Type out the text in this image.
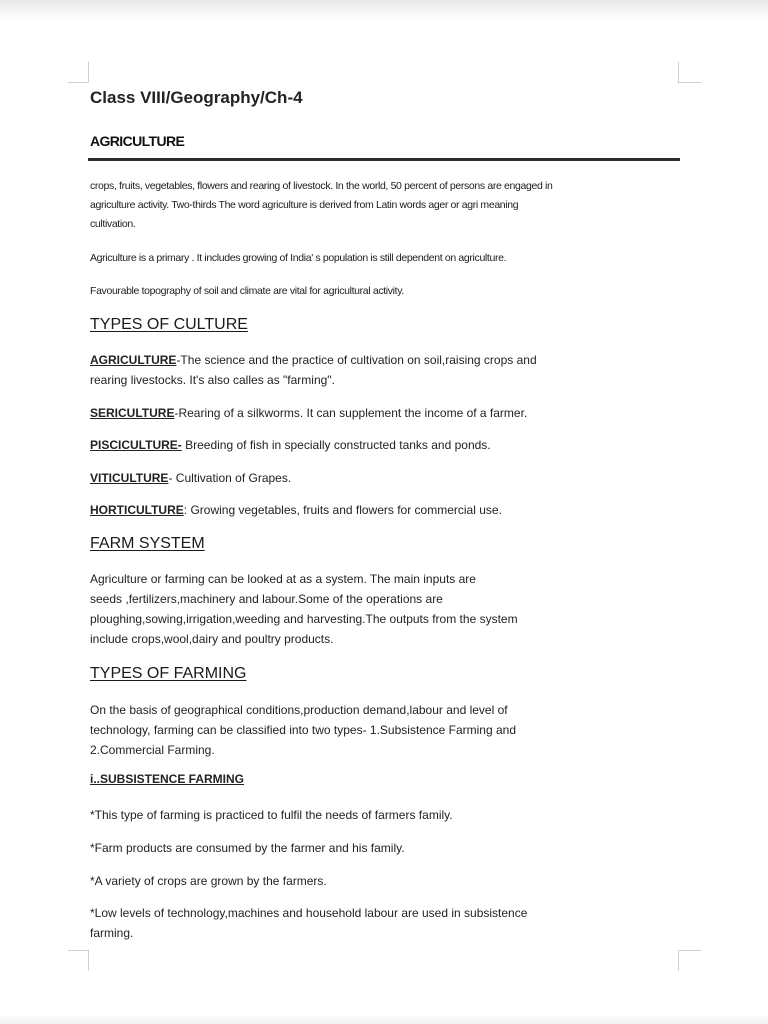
Class VIII/Geography/Ch-4
AGRICULTURE
crops, fruits, vegetables, flowers and rearing of livestock. In the world, 50 percent of persons are engaged in
agriculture activity. Two-thirds The word agriculture is derived from Latin words ager or agri meaning
cultivation.
Agriculture is a primary . It includes growing of India' s population is still dependent on agriculture.
Favourable topography of soil and climate are vital for agricultural activity.
TYPES OF CULTURE
AGRICULTURE-The science and the practice of cultivation on soil,raising crops and
rearing livestocks. It's also calles as "farming".
SERICULTURE-Rearing of a silkworms. It can supplement the income of a farmer.
PISCICULTURE- Breeding of fish in specially constructed tanks and ponds.
VITICULTURE- Cultivation of Grapes.
HORTICULTURE: Growing vegetables, fruits and flowers for commercial use.
FARM SYSTEM
Agriculture or farming can be looked at as a system. The main inputs are
seeds ,fertilizers,machinery and labour.Some of the operations are
ploughing,sowing,irrigation,weeding and harvesting.The outputs from the system
include crops,wool,dairy and poultry products.
TYPES OF FARMING
On the basis of geographical conditions,production demand,labour and level of
technology, farming can be classified into two types- 1.Subsistence Farming and
2.Commercial Farming.
i..SUBSISTENCE FARMING
*This type of farming is practiced to fulfil the needs of farmers family.
*Farm products are consumed by the farmer and his family.
*A variety of crops are grown by the farmers.
*Low levels of technology,machines and household labour are used in subsistence
farming.
